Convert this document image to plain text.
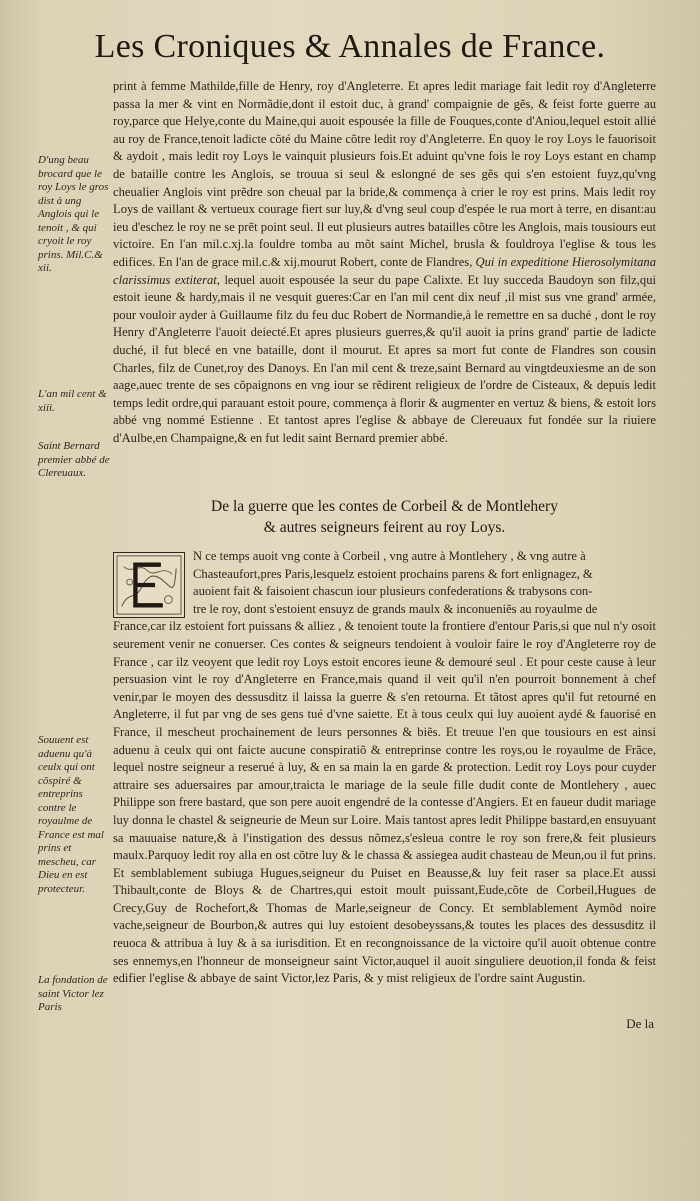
Les Croniques & Annales de France.

print à femme Mathilde,fille de Henry, roy d'Angleterre. Et apres ledit mariage fait ledit roy d'Angleterre passa la mer & vint en Normãdie,dont il estoit duc, à grand' compaignie de gẽs, & feist forte guerre au roy,parce que Helye,conte du Maine,qui auoit espousée la fille de Fouques,conte d'Aniou,lequel estoit allié au roy de France,tenoit ladicte cõté du Maine cõtre ledit roy d'Angleterre. En quoy le roy Loys le fauorisoit & aydoit , mais ledit roy Loys le vainquit plusieurs fois.Et aduint qu'vne fois le roy Loys estant en champ de bataille contre les Anglois, se trouua si seul & eslongné de ses gẽs qui s'en estoient fuyz,qu'vng cheualier Anglois vint prẽdre son cheual par la bride,& commença à crier le roy est prins. Mais ledit roy Loys de vaillant & vertueux courage fiert sur luy,& d'vng seul coup d'espée le rua mort à terre, en disant:au ieu d'eschez le roy ne se prẽt point seul. Il eut plusieurs autres batailles cõtre les Anglois, mais tousiours eut victoire. En l'an mil.c.xj.la fouldre tomba au mõt saint Michel, brusla & fouldroya l'eglise & tous les edifices. En l'an de grace mil.c.& xij.mourut Robert, conte de Flandres, Qui in expeditione Hierosolymitana clarissimus extiterat, lequel auoit espousée la seur du pape Calixte. Et luy succeda Baudoyn son filz,qui estoit ieune & hardy,mais il ne vesquit gueres:Car en l'an mil cent dix neuf ,il mist sus vne grand' armée, pour vouloir ayder à Guillaume filz du feu duc Robert de Normandie,à le remettre en sa duché , dont le roy Henry d'Angleterre l'auoit deiecté.Et apres plusieurs guerres,& qu'il auoit ia prins grand' partie de ladicte duché, il fut blecé en vne bataille, dont il mourut. Et apres sa mort fut conte de Flandres son cousin Charles, filz de Cunet,roy des Danoys. En l'an mil cent & treze,saint Bernard au vingtdeuxiesme an de son aage,auec trente de ses cõpaignons en vng iour se rẽdirent religieux de l'ordre de Cisteaux, & depuis ledit temps ledit ordre,qui parauant estoit poure, commença à florir & augmenter en vertuz & biens, & estoit lors abbé vng nommé Estienne . Et tantost apres l'eglise & abbaye de Clereuaux fut fondée sur la riuiere d'Aulbe,en Champaigne,& en fut ledit saint Bernard premier abbé.

De la guerre que les contes de Corbeil & de Montlehery
& autres seigneurs feirent au roy Loys.

N ce temps auoit vng conte à Corbeil , vng autre à Montlehery , & vng autre à

Chasteaufort,pres Paris,lesquelz estoient prochains parens & fort enlignagez, &

auoient fait & faisoient chascun iour plusieurs confederations & trabysons con-

tre le roy, dont s'estoient ensuyz de grands maulx & inconueniẽs au royaulme de

France,car ilz estoient fort puissans & alliez , & tenoient toute la frontiere d'entour Paris,si que nul n'y osoit seurement venir ne conuerser. Ces contes & seigneurs tendoient à vouloir faire le roy d'Angleterre roy de France , car ilz veoyent que ledit roy Loys estoit encores ieune & demouré seul . Et pour ceste cause à leur persuasion vint le roy d'Angleterre en France,mais quand il veit qu'il n'en pourroit bonnement à chef venir,par le moyen des dessusditz il laissa la guerre & s'en retourna. Et tãtost apres qu'il fut retourné en Angleterre, il fut par vng de ses gens tué d'vne saiette. Et à tous ceulx qui luy auoient aydé & fauorisé en France, il mescheut prochainement de leurs personnes & biẽs. Et treuue l'en que tousiours en est ainsi aduenu à ceulx qui ont faicte aucune conspiratiõ & entreprinse contre les roys,ou le royaulme de Frãce, lequel nostre seigneur a reserué à luy, & en sa main la en garde & protection. Ledit roy Loys pour cuyder attraire ses aduersaires par amour,traicta le mariage de la seule fille dudit conte de Montlehery , auec Philippe son frere bastard, que son pere auoit engendré de la contesse d'Angiers. Et en faueur dudit mariage luy donna le chastel & seigneurie de Meun sur Loire. Mais tantost apres ledit Philippe bastard,en ensuyuant sa mauuaise nature,& à l'instigation des dessus nõmez,s'esleua contre le roy son frere,& feit plusieurs maulx.Parquoy ledit roy alla en ost cõtre luy & le chassa & assiegea audit chasteau de Meun,ou il fut prins. Et semblablement subiuga Hugues,seigneur du Puiset en Beausse,& luy feit raser sa place.Et aussi Thibault,conte de Bloys & de Chartres,qui estoit moult puissant,Eude,cõte de Corbeil,Hugues de Crecy,Guy de Rochefort,& Thomas de Marle,seigneur de Concy. Et semblablement Aymõd noire vache,seigneur de Bourbon,& autres qui luy estoient desobeyssans,& toutes les places des dessusditz il reuoca & attribua à luy & à sa iurisdition. Et en recongnoissance de la victoire qu'il auoit obtenue contre ses ennemys,en l'honneur de monseigneur saint Victor,auquel il auoit singuliere deuotion,il fonda & feist edifier l'eglise & abbaye de saint Victor,lez Paris, & y mist religieux de l'ordre saint Augustin.

D'ung beau brocard que le roy Loys le gros dist à ung Anglois qui le tenoit , & qui cryoit le roy prins. Mil.C.& xii.
L'an mil cent & xiii.
Saint Bernard premier abbé de Clereuaux.
Souuent est aduenu qu'à ceulx qui ont cõspiré & entreprins contre le royaulme de France est mal prins et mescheu, car Dieu en est protecteur.
La fondation de saint Victor lez Paris
De la
